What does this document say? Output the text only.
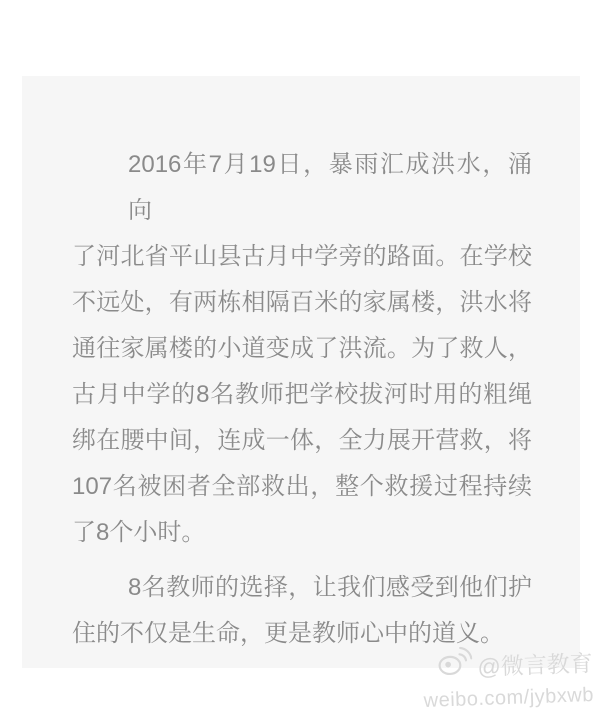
2016年7月19日，暴雨汇成洪水，涌向
了河北省平山县古月中学旁的路面。在学校
不远处，有两栋相隔百米的家属楼，洪水将
通往家属楼的小道变成了洪流。为了救人，
古月中学的8名教师把学校拔河时用的粗绳
绑在腰中间，连成一体，全力展开营救，将
107名被困者全部救出，整个救援过程持续
了8个小时。
8名教师的选择，让我们感受到他们护
住的不仅是生命，更是教师心中的道义。
@微言教育
weibo.com/jybxwb
